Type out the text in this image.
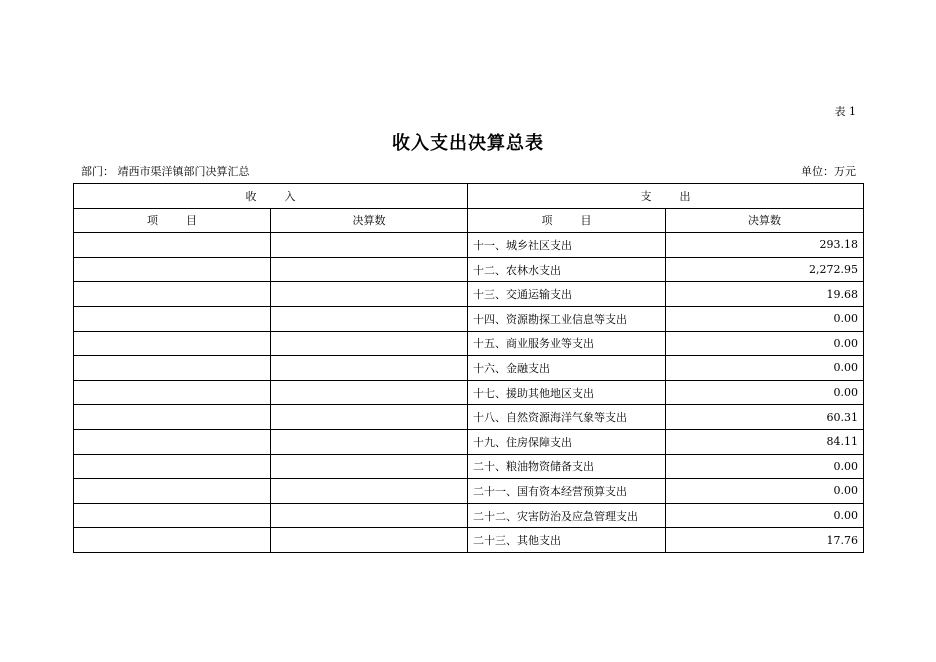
表 1
收入支出决算总表
部门： 靖西市渠洋镇部门决算汇总	单位：万元
收        入		支        出	
项        目	决算数	项        目	决算数
		十一、城乡社区支出	293.18
		十二、农林水支出	2,272.95
		十三、交通运输支出	19.68
		十四、资源勘探工业信息等支出	0.00
		十五、商业服务业等支出	0.00
		十六、金融支出	0.00
		十七、援助其他地区支出	0.00
		十八、自然资源海洋气象等支出	60.31
		十九、住房保障支出	84.11
		二十、粮油物资储备支出	0.00
		二十一、国有资本经营预算支出	0.00
		二十二、灾害防治及应急管理支出	0.00
		二十三、其他支出	17.76
